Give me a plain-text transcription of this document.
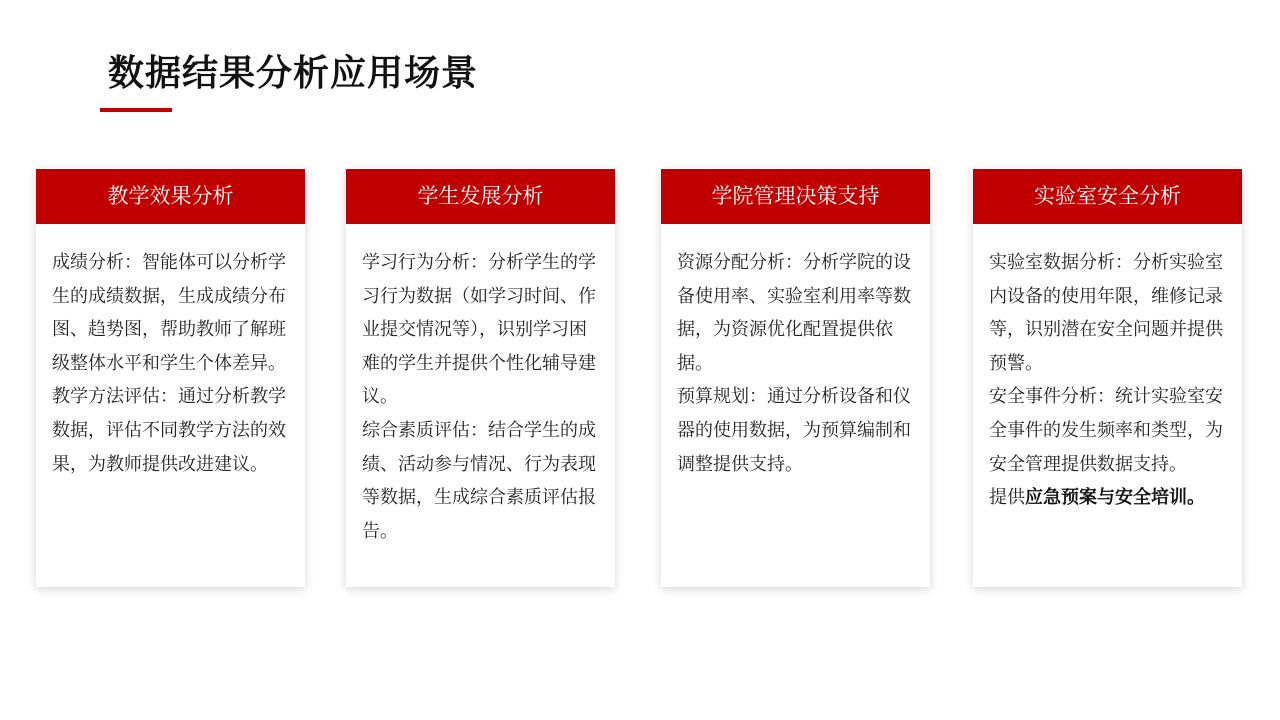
数据结果分析应用场景
教学效果分析

成绩分析：智能体可以分析学生的成绩数据，生成成绩分布图、趋势图，帮助教师了解班级整体水平和学生个体差异。

教学方法评估：通过分析教学数据，评估不同教学方法的效果，为教师提供改进建议。

学生发展分析

学习行为分析：分析学生的学习行为数据（如学习时间、作业提交情况等），识别学习困难的学生并提供个性化辅导建议。

综合素质评估：结合学生的成绩、活动参与情况、行为表现等数据，生成综合素质评估报告。

学院管理决策支持

资源分配分析：分析学院的设备使用率、实验室利用率等数据，为资源优化配置提供依据。

预算规划：通过分析设备和仪器的使用数据，为预算编制和调整提供支持。

实验室安全分析

实验室数据分析：分析实验室内设备的使用年限，维修记录等，识别潜在安全问题并提供预警。

安全事件分析：统计实验室安全事件的发生频率和类型，为安全管理提供数据支持。

提供应急预案与安全培训。
